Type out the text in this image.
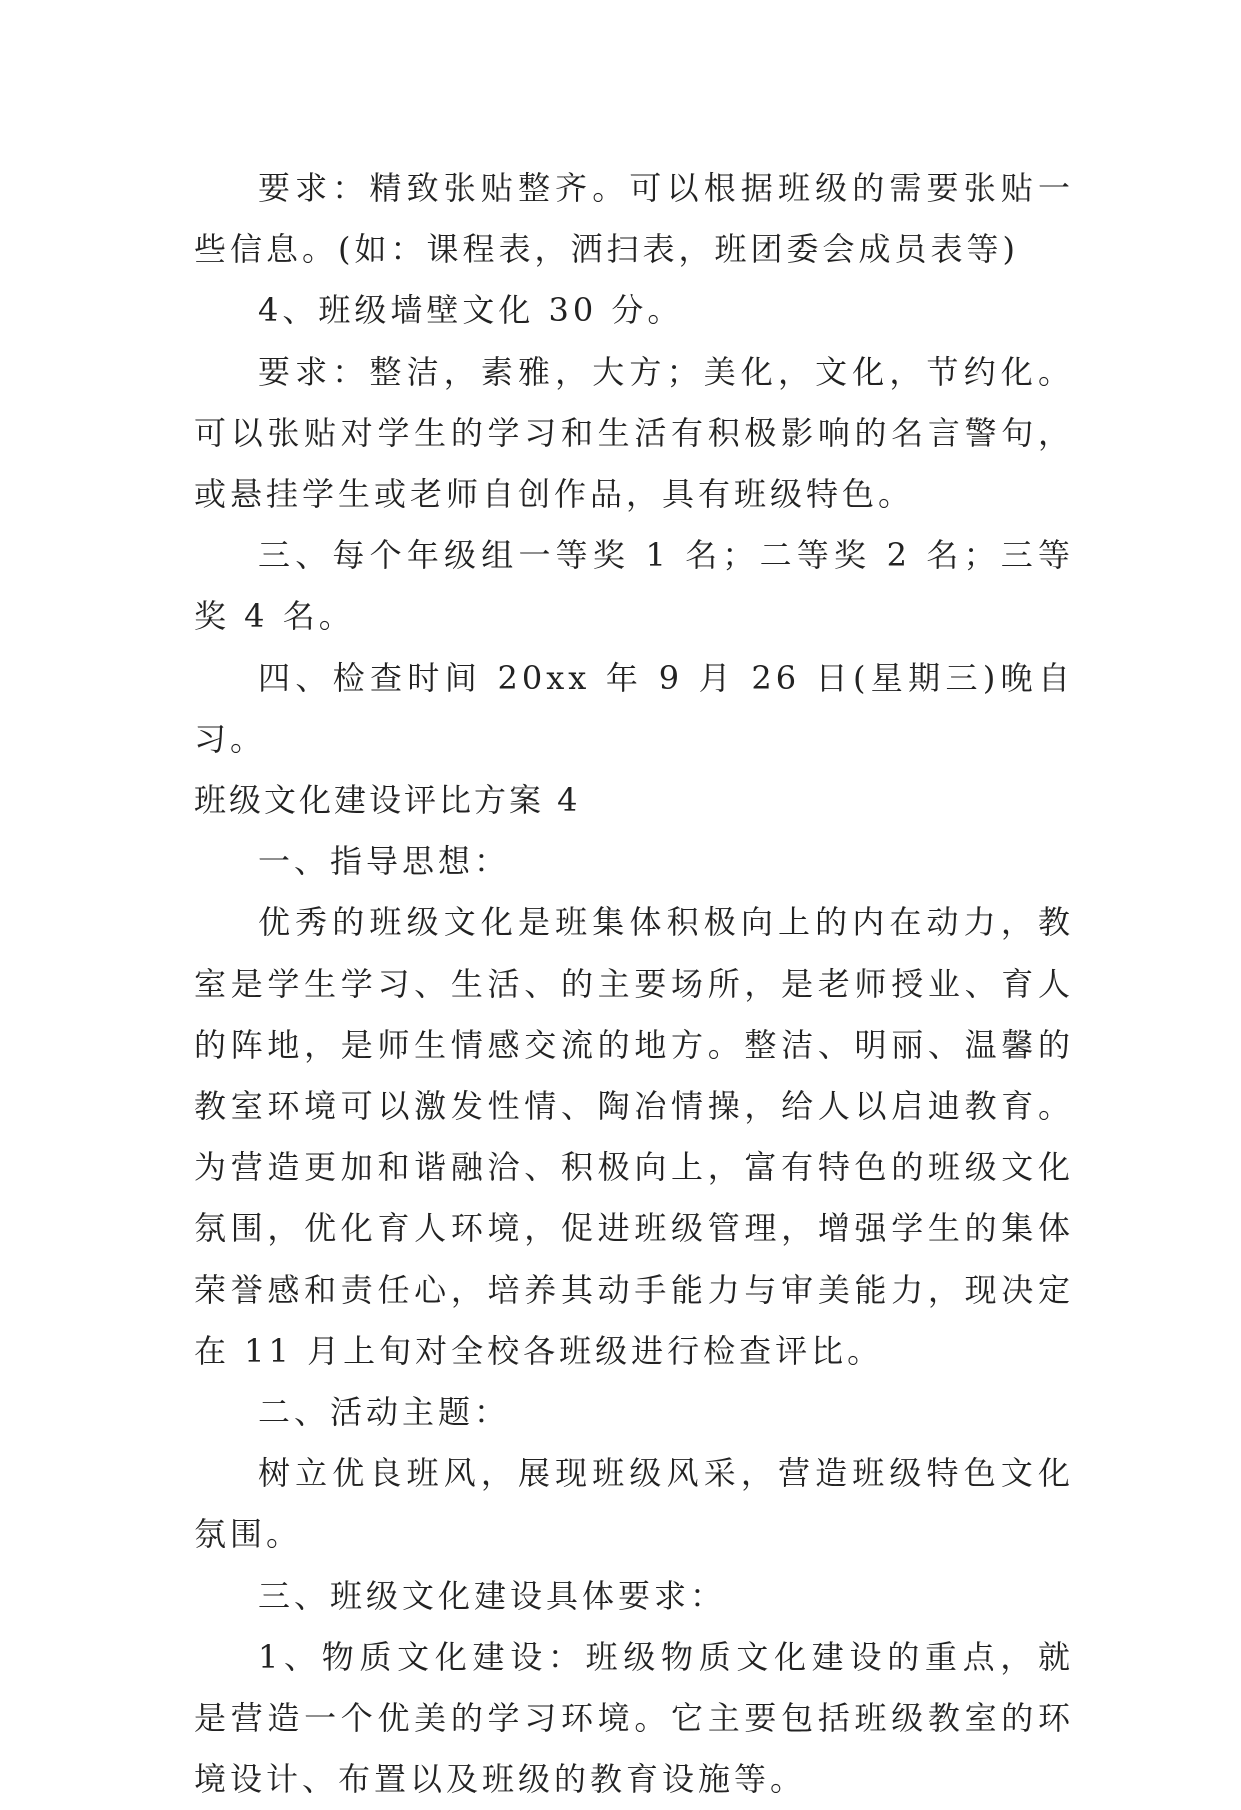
要求：精致张贴整齐。可以根据班级的需要张贴一些信息。(如：课程表，洒扫表，班团委会成员表等)

4、班级墙壁文化 30 分。

要求：整洁，素雅，大方；美化，文化，节约化。可以张贴对学生的学习和生活有积极影响的名言警句，或悬挂学生或老师自创作品，具有班级特色。

三、每个年级组一等奖 1 名；二等奖 2 名；三等奖 4 名。

四、检查时间 20xx 年 9 月 26 日(星期三)晚自习。

班级文化建设评比方案 4

一、指导思想：

优秀的班级文化是班集体积极向上的内在动力，教室是学生学习、生活、的主要场所，是老师授业、育人的阵地，是师生情感交流的地方。整洁、明丽、温馨的教室环境可以激发性情、陶冶情操，给人以启迪教育。为营造更加和谐融洽、积极向上，富有特色的班级文化氛围，优化育人环境，促进班级管理，增强学生的集体荣誉感和责任心，培养其动手能力与审美能力，现决定在 11 月上旬对全校各班级进行检查评比。

二、活动主题：

树立优良班风，展现班级风采，营造班级特色文化氛围。

三、班级文化建设具体要求：

1、物质文化建设：班级物质文化建设的重点，就是营造一个优美的学习环境。它主要包括班级教室的环境设计、布置以及班级的教育设施等。
